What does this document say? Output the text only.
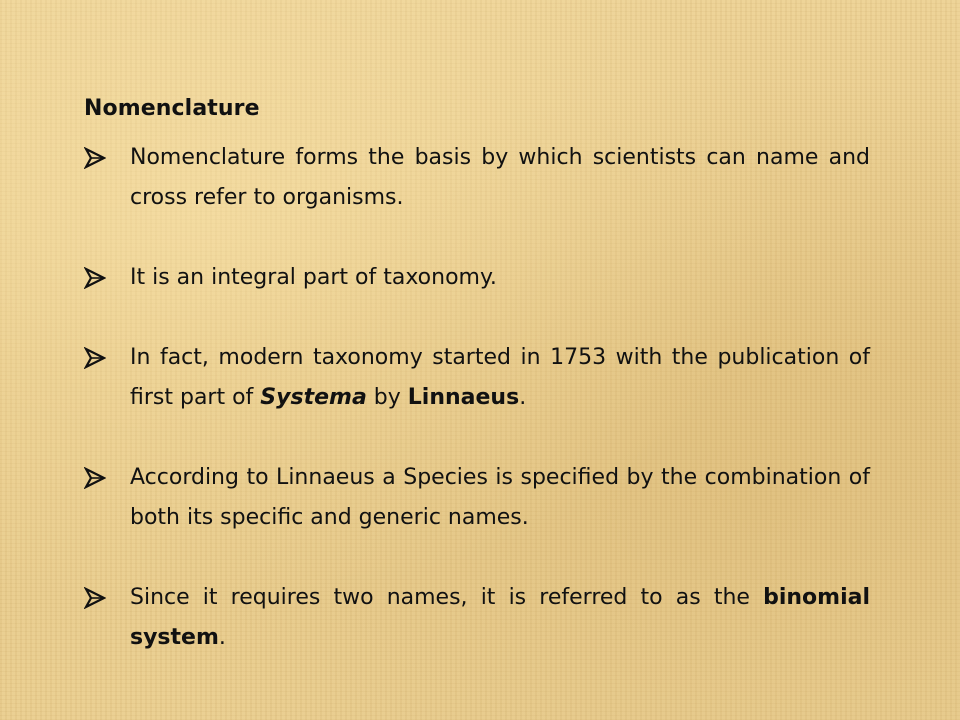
Nomenclature
Nomenclature forms the basis by which scientists can name and cross refer to organisms.
It is an integral part of taxonomy.
In fact, modern taxonomy started in 1753 with the publication of first part of Systema by Linnaeus.
According to Linnaeus a Species is specified by the combination of both its specific and generic names.
Since it requires two names, it is referred to as the binomial system.
